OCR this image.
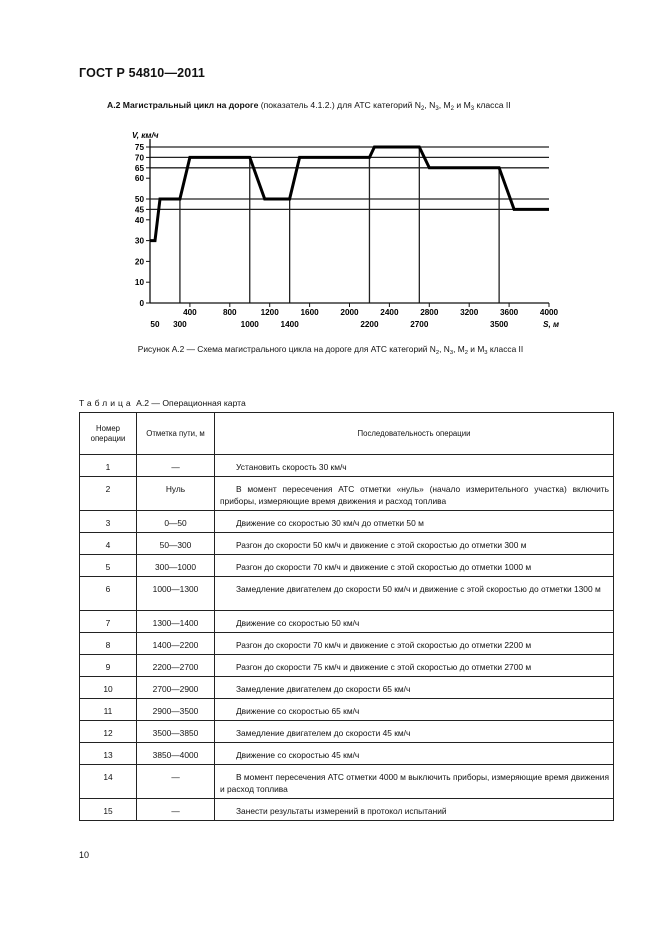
ГОСТ Р 54810—2011
А.2 Магистральный цикл на дороге (показатель 4.1.2.) для АТС категорий $N_2$, $N_3$, $M_2$ и $M_3$ класса II
0
10
20
30
40
45
50
60
65
70
75
400	800	1200	1600	2000	2400	2800	3200	3600	4000
50 300	1000	1400	2200	2700	3500
V, км/ч
S, м
Рисунок А.2 — Схема магистрального цикла на дороге для АТС категорий $N_2$, $N_3$, $M_2$ и $M_3$ класса II
Таблица А.2 — Операционная карта
Номер операции	Отметка пути, м	Последовательность операции
1	—	Установить скорость 30 км/ч
2	Нуль	В момент пересечения АТС отметки «нуль» (начало измерительного участка) включить приборы, измеряющие время движения и расход топлива
3	0—50	Движение со скоростью 30 км/ч до отметки 50 м
4	50—300	Разгон до скорости 50 км/ч и движение с этой скоростью до отметки 300 м
5	300—1000	Разгон до скорости 70 км/ч и движение с этой скоростью до отметки 1000 м
6	1000—1300	Замедление двигателем до скорости 50 км/ч и движение с этой скоростью до отметки 1300 м
7	1300—1400	Движение со скоростью 50 км/ч
8	1400—2200	Разгон до скорости 70 км/ч и движение с этой скоростью до отметки 2200 м
9	2200—2700	Разгон до скорости 75 км/ч и движение с этой скоростью до отметки 2700 м
10	2700—2900	Замедление двигателем до скорости 65 км/ч
11	2900—3500	Движение со скоростью 65 км/ч
12	3500—3850	Замедление двигателем до скорости 45 км/ч
13	3850—4000	Движение со скоростью 45 км/ч
14	—	В момент пересечения АТС отметки 4000 м выключить приборы, измеряющие время движения и расход топлива
15	—	Занести результаты измерений в протокол испытаний
10
